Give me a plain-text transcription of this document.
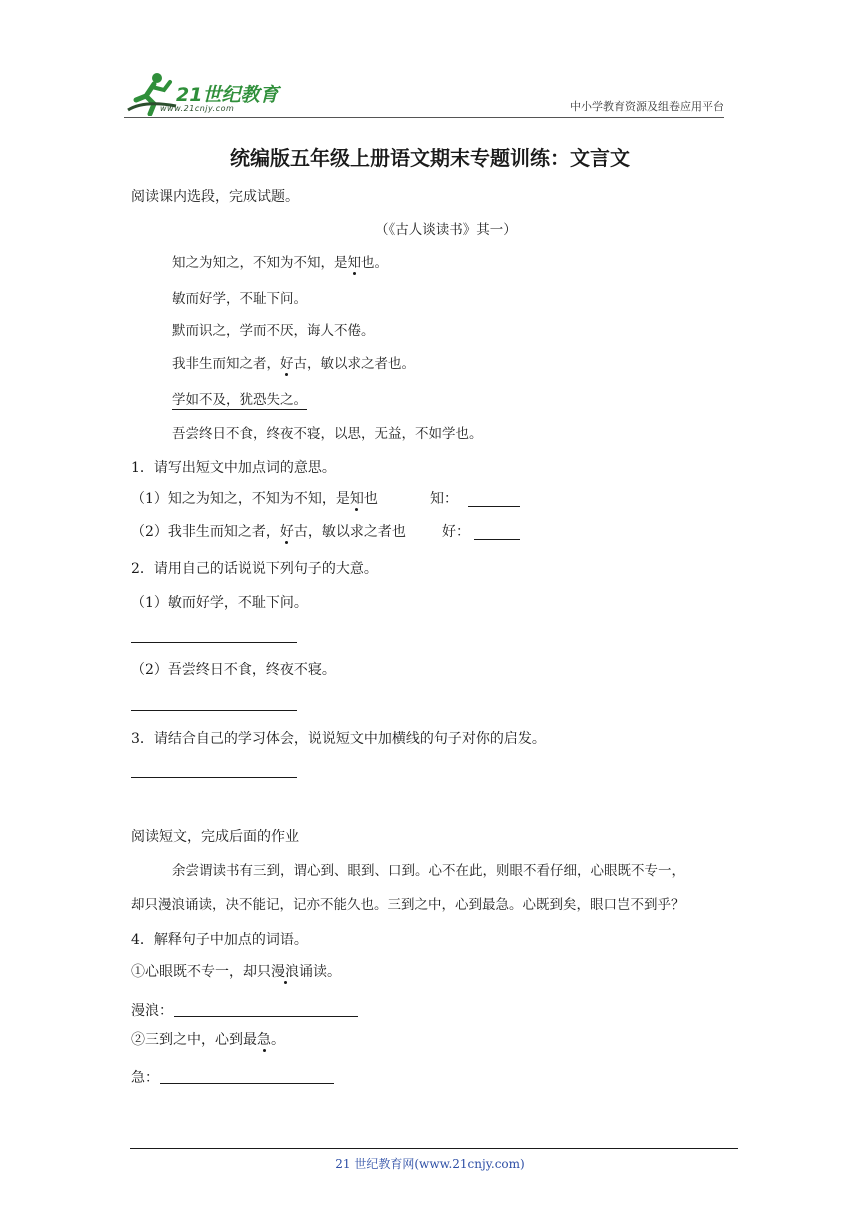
21世纪教育
www.21cnjy.com	中小学教育资源及组卷应用平台
统编版五年级上册语文期末专题训练：文言文
阅读课内选段，完成试题。
（《古人谈读书》其一）
知之为知之，不知为不知，是知也。
敏而好学，不耻下问。
默而识之，学而不厌，诲人不倦。
我非生而知之者，好古，敏以求之者也。
学如不及，犹恐失之。
吾尝终日不食，终夜不寝，以思，无益，不如学也。
1．请写出短文中加点词的意思。
（1）知之为知之，不知为不知，是知也	知：
（2）我非生而知之者，好古，敏以求之者也	好：
2．请用自己的话说说下列句子的大意。
（1）敏而好学，不耻下问。
（2）吾尝终日不食，终夜不寝。
3．请结合自己的学习体会，说说短文中加横线的句子对你的启发。
阅读短文，完成后面的作业
余尝谓读书有三到，谓心到、眼到、口到。心不在此，则眼不看仔细，心眼既不专一，
却只漫浪诵读，决不能记，记亦不能久也。三到之中，心到最急。心既到矣，眼口岂不到乎？
4．解释句子中加点的词语。
①心眼既不专一，却只漫浪诵读。
漫浪：
②三到之中，心到最急。
急：
21 世纪教育网(www.21cnjy.com)
